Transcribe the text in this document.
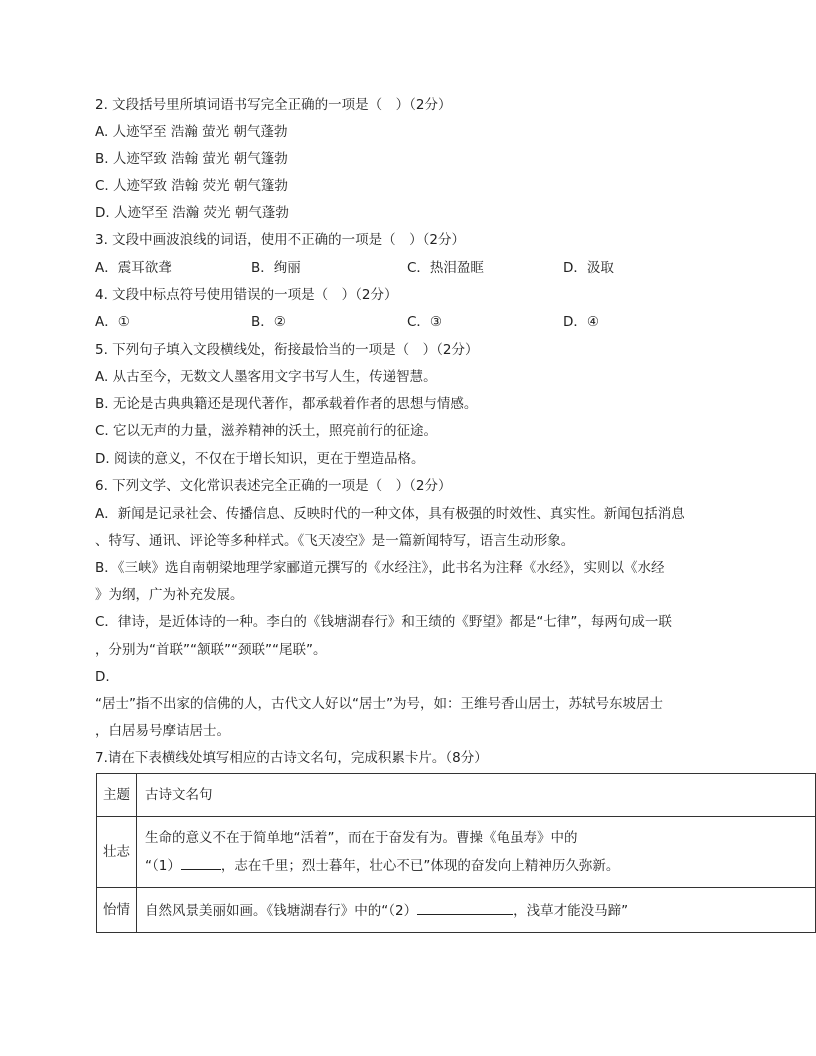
2. 文段括号里所填词语书写完全正确的一项是（　）（2分）
A. 人迹罕至 浩瀚 萤光 朝气蓬勃
B. 人迹罕致 浩翰 萤光 朝气篷勃
C. 人迹罕致 浩翰 荧光 朝气篷勃
D. 人迹罕至 浩瀚 荧光 朝气蓬勃
3. 文段中画波浪线的词语，使用不正确的一项是（　）（2分）
A．震耳欲聋	B．绚丽	C．热泪盈眶	D．汲取
4. 文段中标点符号使用错误的一项是（　）（2分）
A．①	B．②	C．③	D．④
5. 下列句子填入文段横线处，衔接最恰当的一项是（　）（2分）
A. 从古至今，无数文人墨客用文字书写人生，传递智慧。
B. 无论是古典典籍还是现代著作，都承载着作者的思想与情感。
C. 它以无声的力量，滋养精神的沃土，照亮前行的征途。
D. 阅读的意义，不仅在于增长知识，更在于塑造品格。
6. 下列文学、文化常识表述完全正确的一项是（　）（2分）
A．新闻是记录社会、传播信息、反映时代的一种文体，具有极强的时效性、真实性。新闻包括消息
、特写、通讯、评论等多种样式。《飞天凌空》是一篇新闻特写，语言生动形象。
B．《三峡》选自南朝梁地理学家郦道元撰写的《水经注》，此书名为注释《水经》，实则以《水经
》为纲，广为补充发展。
C．律诗，是近体诗的一种。李白的《钱塘湖春行》和王绩的《野望》都是“七律”，每两句成一联
，分别为“首联”“颔联”“颈联”“尾联”。
D.
“居士”指不出家的信佛的人，古代文人好以“居士”为号，如：王维号香山居士，苏轼号东坡居士
，白居易号摩诘居士。
7.请在下表横线处填写相应的古诗文名句，完成积累卡片。（8分）
主题	古诗文名句
壮志	生命的意义不在于简单地“活着”，而在于奋发有为。曹操《龟虽寿》中的
“（1） ，志在千里；烈士暮年，壮心不已”体现的奋发向上精神历久弥新。

怡情	自然风景美丽如画。《钱塘湖春行》中的“（2） ，浅草才能没马蹄”
